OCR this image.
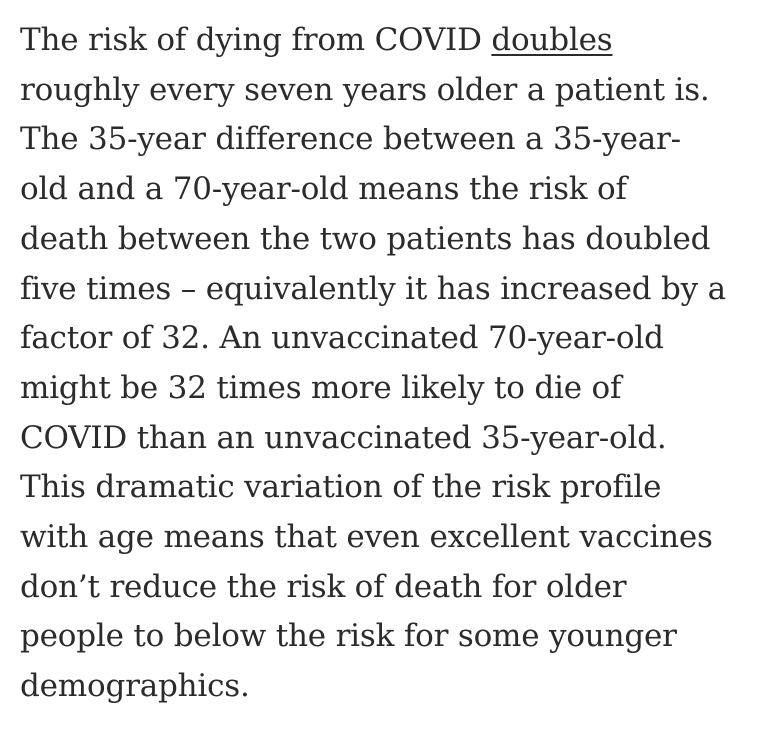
The risk of dying from COVID doubles
roughly every seven years older a patient is.
The 35-year difference between a 35-year-
old and a 70-year-old means the risk of
death between the two patients has doubled
five times – equivalently it has increased by a
factor of 32. An unvaccinated 70-year-old
might be 32 times more likely to die of
COVID than an unvaccinated 35-year-old.
This dramatic variation of the risk profile
with age means that even excellent vaccines
don’t reduce the risk of death for older
people to below the risk for some younger
demographics.
